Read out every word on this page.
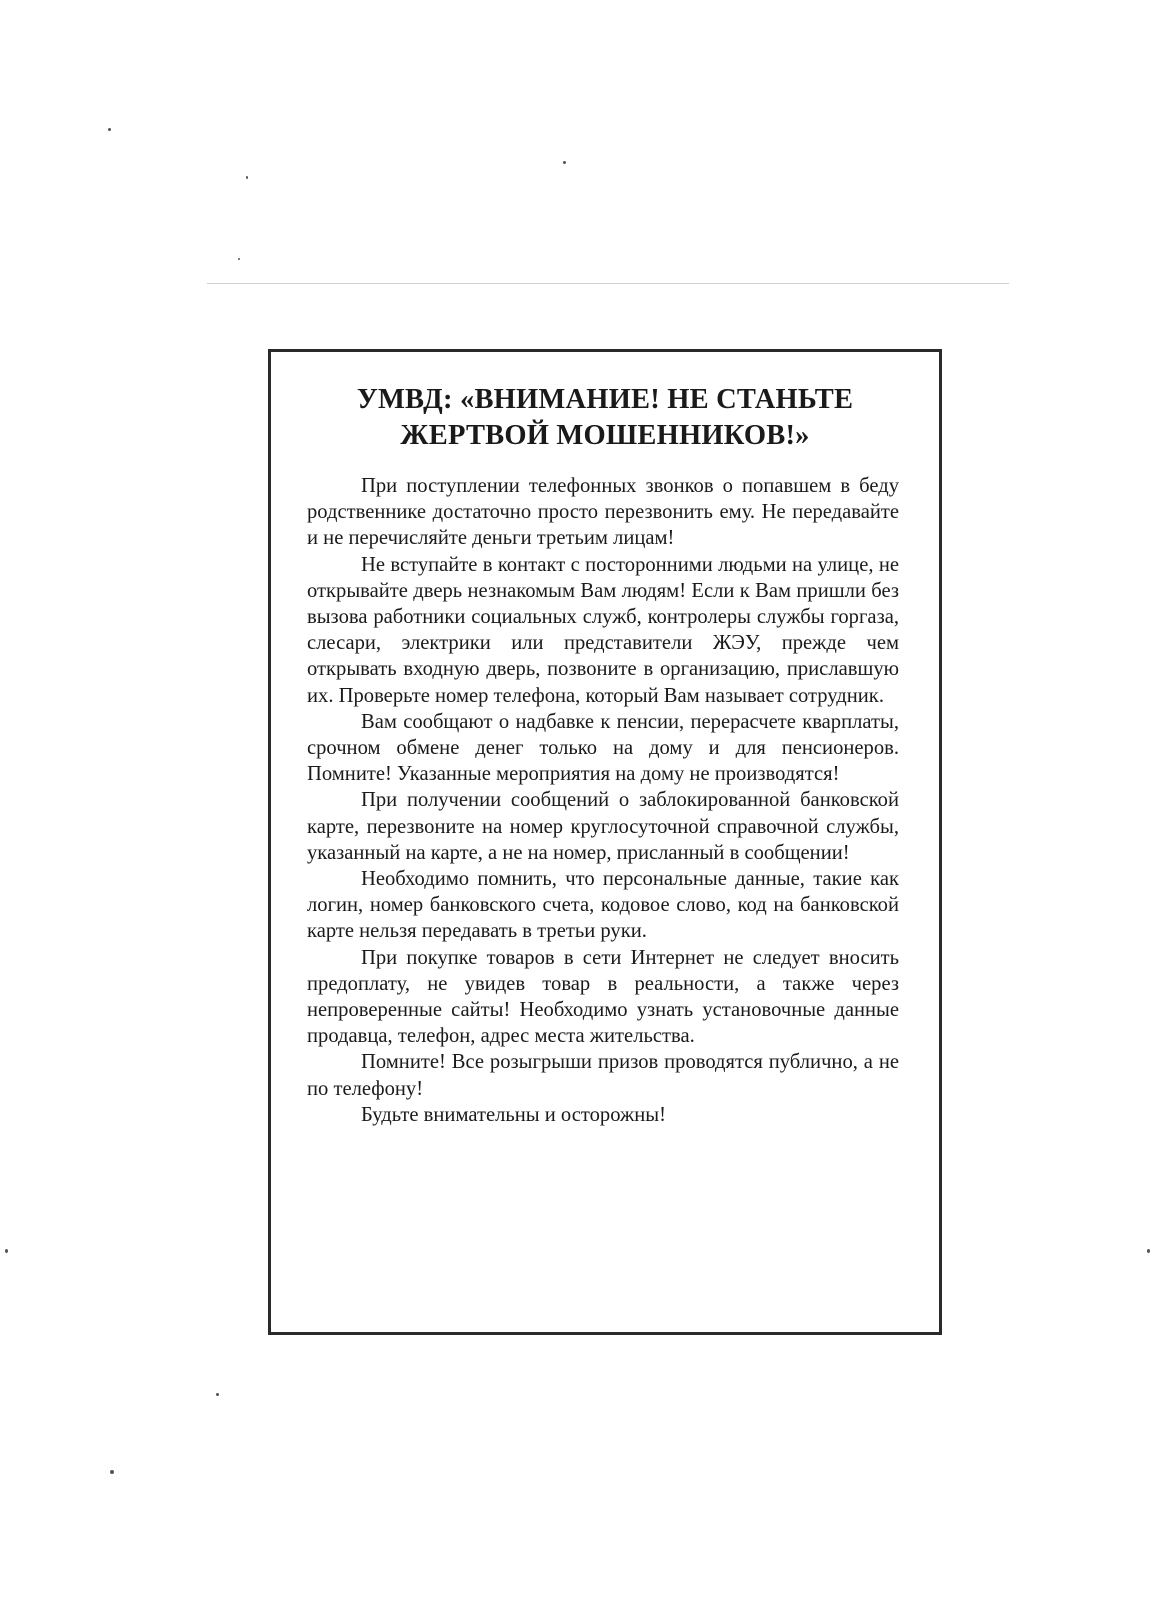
УМВД: «ВНИМАНИЕ! НЕ СТАНЬТЕ
ЖЕРТВОЙ МОШЕННИКОВ!»

При поступлении телефонных звонков о попавшем в беду родственнике достаточно просто перезвонить ему. Не передавайте и не перечисляйте деньги третьим лицам!

Не вступайте в контакт с посторонними людьми на улице, не открывайте дверь незнакомым Вам людям! Если к Вам пришли без вызова работники социальных служб, контролеры службы горгаза, слесари, электрики или представители ЖЭУ, прежде чем открывать входную дверь, позвоните в организацию, приславшую их. Проверьте номер телефона, который Вам называет сотрудник.

Вам сообщают о надбавке к пенсии, перерасчете кварплаты, срочном обмене денег только на дому и для пенсионеров. Помните! Указанные мероприятия на дому не производятся!

При получении сообщений о заблокированной банковской карте, перезвоните на номер круглосуточной справочной службы, указанный на карте, а не на номер, присланный в сообщении!

Необходимо помнить, что персональные данные, такие как логин, номер банковского счета, кодовое слово, код на банковской карте нельзя передавать в третьи руки.

При покупке товаров в сети Интернет не следует вносить предоплату, не увидев товар в реальности, а также через непроверенные сайты! Необходимо узнать установочные данные продавца, телефон, адрес места жительства.

Помните! Все розыгрыши призов проводятся публично, а не по телефону!

Будьте внимательны и осторожны!
